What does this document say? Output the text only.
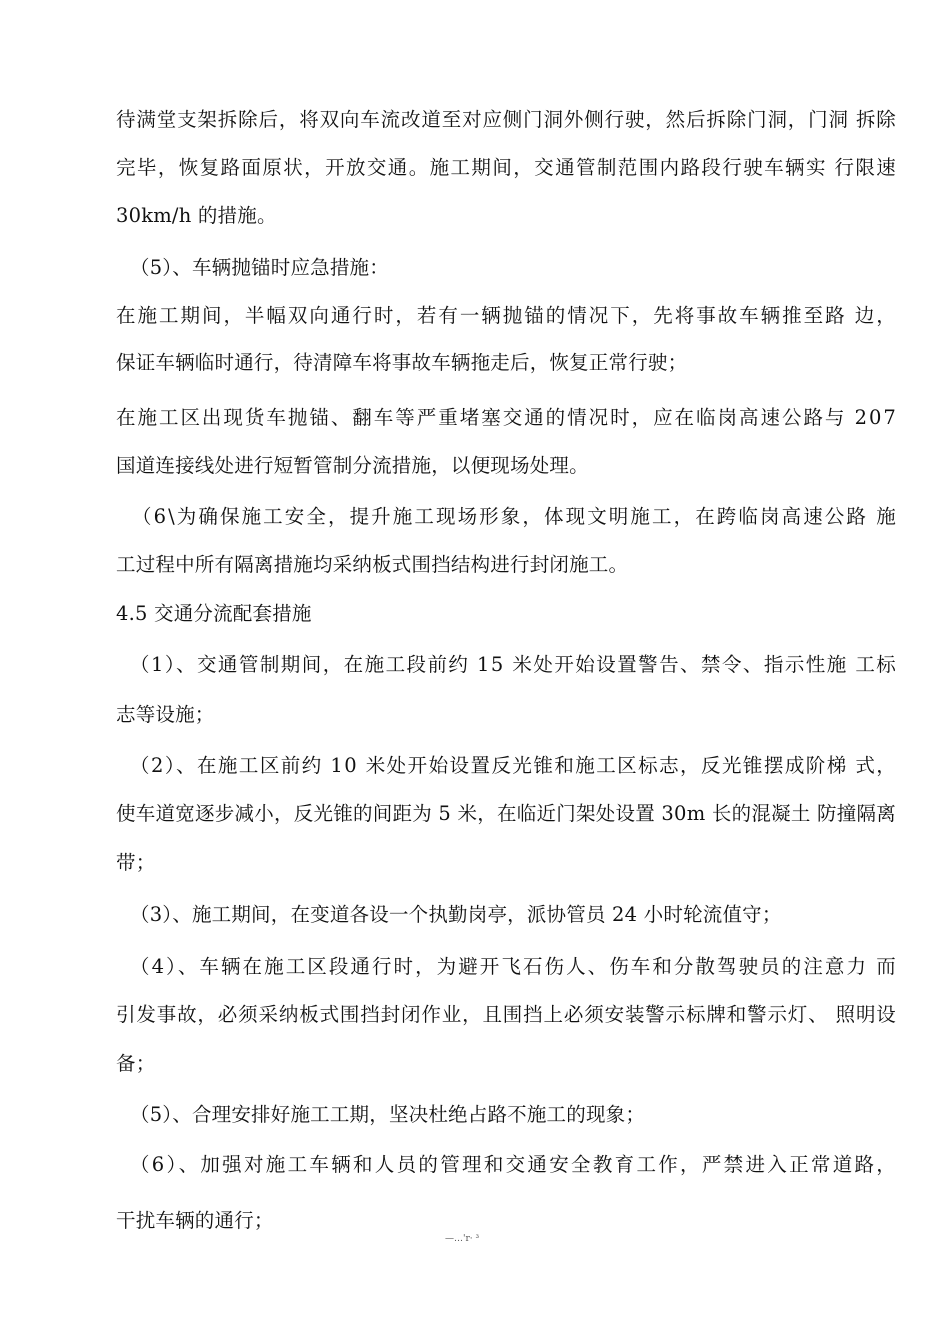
待满堂支架拆除后，将双向车流改道至对应侧门洞外侧行驶，然后拆除门洞，门洞 拆除
完毕，恢复路面原状，开放交通。施工期间，交通管制范围内路段行驶车辆实 行限速
30km/h 的措施。
（5）、车辆抛锚时应急措施：
在施工期间，半幅双向通行时，若有一辆抛锚的情况下，先将事故车辆推至路 边，
保证车辆临时通行，待清障车将事故车辆拖走后，恢复正常行驶；
在施工区出现货车抛锚、翻车等严重堵塞交通的情况时，应在临岗高速公路与 207
国道连接线处进行短暂管制分流措施，以便现场处理。
（6\为确保施工安全，提升施工现场形象，体现文明施工，在跨临岗高速公路 施
工过程中所有隔离措施均采纳板式围挡结构进行封闭施工。
4.5 交通分流配套措施
（1）、交通管制期间，在施工段前约 15 米处开始设置警告、禁令、指示性施 工标
志等设施；
（2）、在施工区前约 10 米处开始设置反光锥和施工区标志，反光锥摆成阶梯 式，
使车道宽逐步减小，反光锥的间距为 5 米，在临近门架处设置 30m 长的混凝土 防撞隔离
带；
（3）、施工期间，在变道各设一个执勤岗亭，派协管员 24 小时轮流值守；
（4）、车辆在施工区段通行时，为避开飞石伤人、伤车和分散驾驶员的注意力 而
引发事故，必须采纳板式围挡封闭作业，且围挡上必须安装警示标牌和警示灯、 照明设
备；
（5）、合理安排好施工工期，坚决杜绝占路不施工的现象；
（6）、加强对施工车辆和人员的管理和交通安全教育工作，严禁进入正常道路，
干扰车辆的通行；
—…'r· ³
